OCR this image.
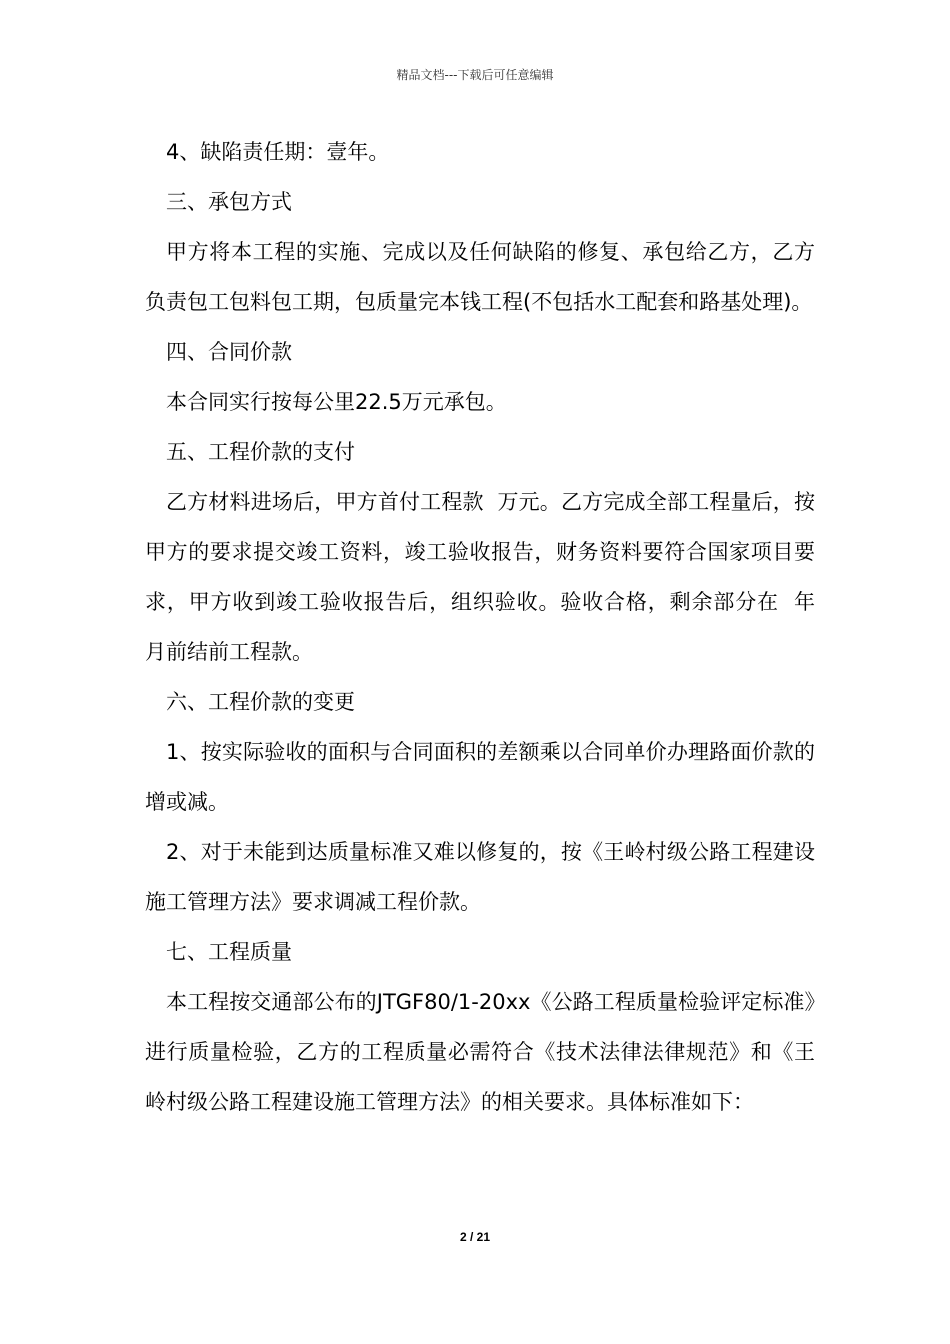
精品文档---下载后可任意编辑

4、缺陷责任期：壹年。

三、承包方式

甲方将本工程的实施、完成以及任何缺陷的修复、承包给乙方，乙方负责包工包料包工期，包质量完本钱工程(不包括水工配套和路基处理)。

四、合同价款

本合同实行按每公里22.5万元承包。

五、工程价款的支付

乙方材料进场后，甲方首付工程款  万元。乙方完成全部工程量后，按甲方的要求提交竣工资料，竣工验收报告，财务资料要符合国家项目要求，甲方收到竣工验收报告后，组织验收。验收合格，剩余部分在  年  月前结前工程款。

六、工程价款的变更

1、按实际验收的面积与合同面积的差额乘以合同单价办理路面价款的增或减。

2、对于未能到达质量标准又难以修复的，按《王岭村级公路工程建设施工管理方法》要求调减工程价款。

七、工程质量

本工程按交通部公布的JTGF80/1-20xx《公路工程质量检验评定标准》进行质量检验，乙方的工程质量必需符合《技术法律法律规范》和《王岭村级公路工程建设施工管理方法》的相关要求。具体标准如下：

2 / 21
